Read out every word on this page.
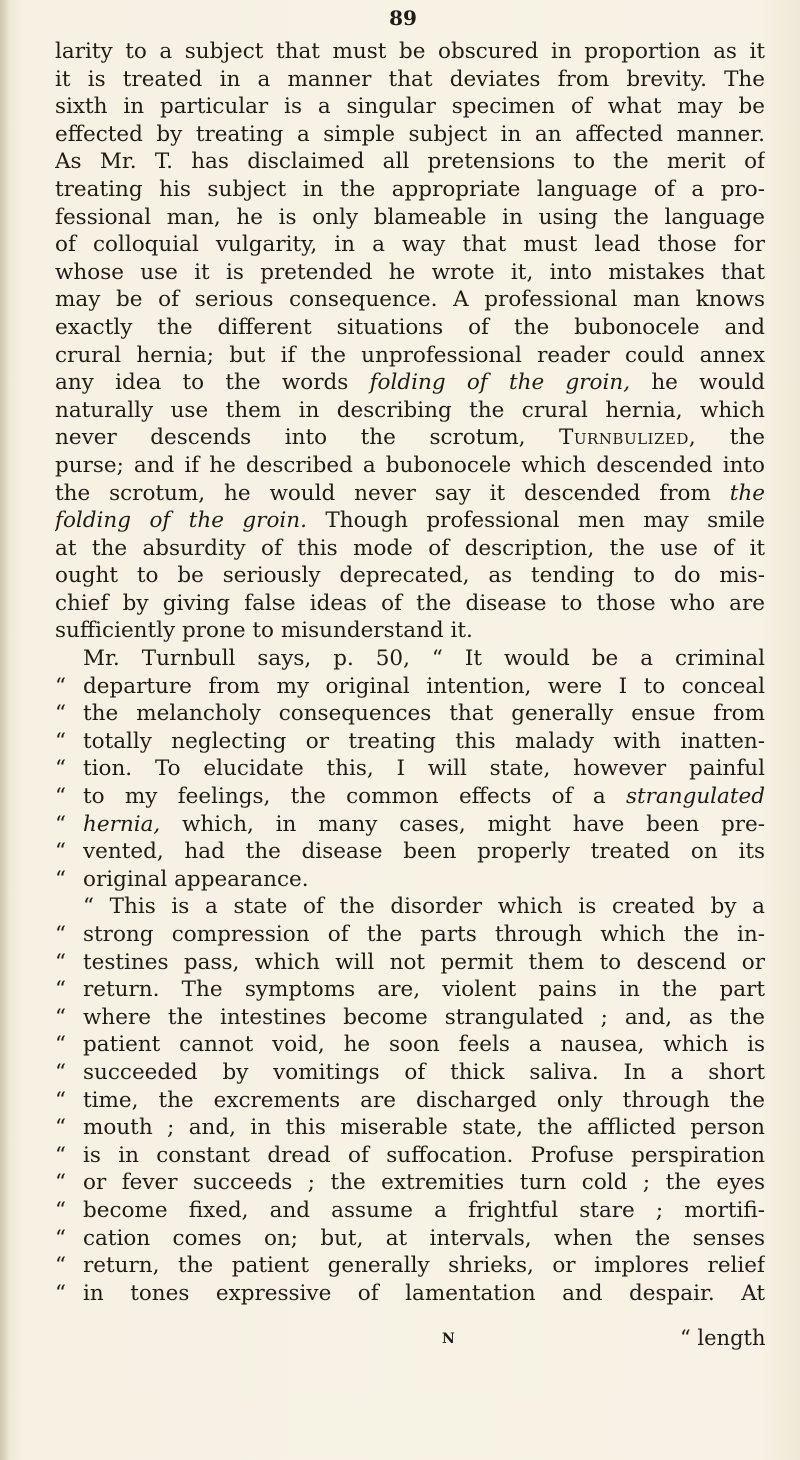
89
larity to a subject that must be obscured in proportion as it
it is treated in a manner that deviates from brevity. The
sixth in particular is a singular specimen of what may be
effected by treating a simple subject in an affected manner.
As Mr. T. has disclaimed all pretensions to the merit of
treating his subject in the appropriate language of a pro-
fessional man, he is only blameable in using the language
of colloquial vulgarity, in a way that must lead those for
whose use it is pretended he wrote it, into mistakes that
may be of serious consequence. A professional man knows
exactly the different situations of the bubonocele and
crural hernia; but if the unprofessional reader could annex
any idea to the words folding of the groin, he would
naturally use them in describing the crural hernia, which
never descends into the scrotum, Turnbulized, the
purse; and if he described a bubonocele which descended into
the scrotum, he would never say it descended from the
folding of the groin. Though professional men may smile
at the absurdity of this mode of description, the use of it
ought to be seriously deprecated, as tending to do mis-
chief by giving false ideas of the disease to those who are
sufficiently prone to misunderstand it.
Mr. Turnbull says, p. 50, “ It would be a criminal
“ departure from my original intention, were I to conceal
“ the melancholy consequences that generally ensue from
“ totally neglecting or treating this malady with inatten-
“ tion. To elucidate this, I will state, however painful
“ to my feelings, the common effects of a strangulated
“ hernia, which, in many cases, might have been pre-
“ vented, had the disease been properly treated on its
“ original appearance.
“ This is a state of the disorder which is created by a
“ strong compression of the parts through which the in-
“ testines pass, which will not permit them to descend or
“ return. The symptoms are, violent pains in the part
“ where the intestines become strangulated ; and, as the
“ patient cannot void, he soon feels a nausea, which is
“ succeeded by vomitings of thick saliva. In a short
“ time, the excrements are discharged only through the
“ mouth ; and, in this miserable state, the afflicted person
“ is in constant dread of suffocation. Profuse perspiration
“ or fever succeeds ; the extremities turn cold ; the eyes
“ become fixed, and assume a frightful stare ; mortifi-
“ cation comes on; but, at intervals, when the senses
“ return, the patient generally shrieks, or implores relief
“ in tones expressive of lamentation and despair. At
N	“ length
